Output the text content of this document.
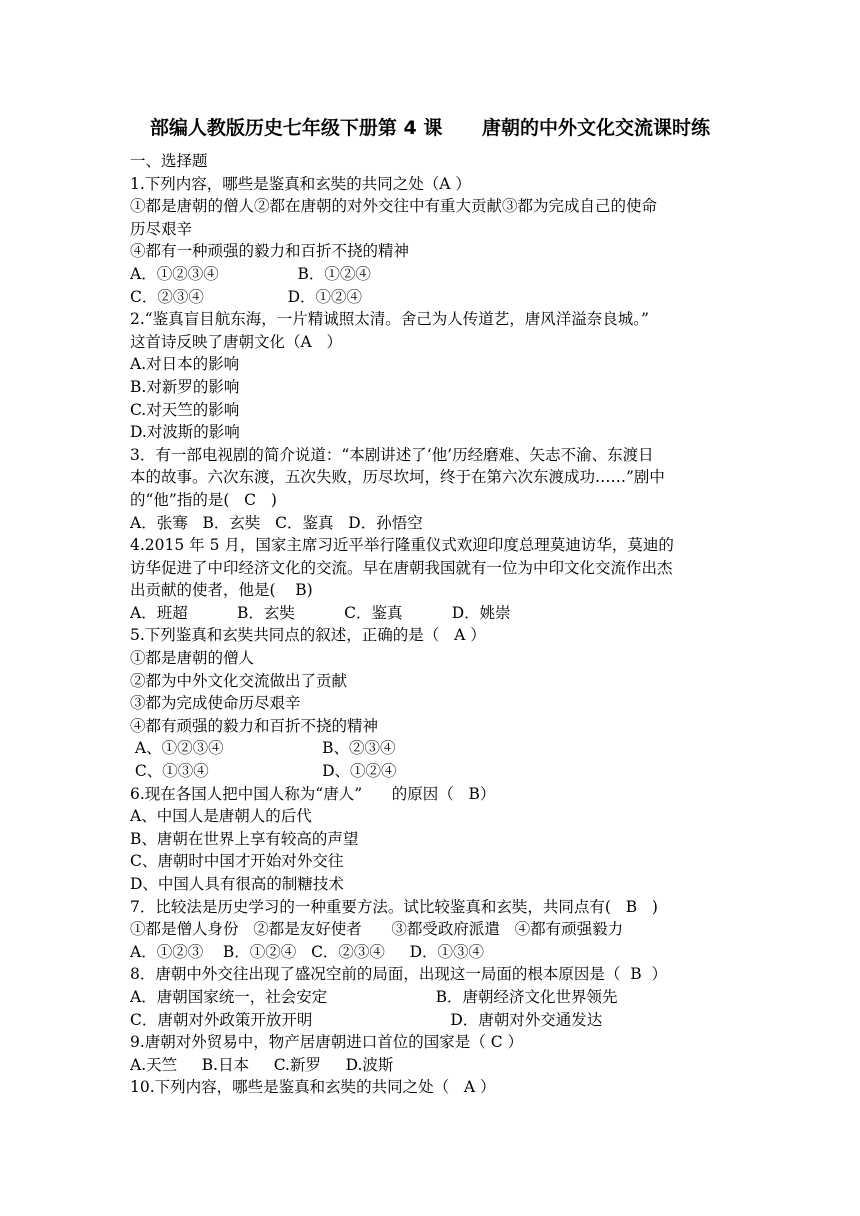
部编人教版历史七年级下册第 4 课      唐朝的中外文化交流课时练
一、选择题
1.下列内容，哪些是鉴真和玄奘的共同之处（A ）
①都是唐朝的僧人②都在唐朝的对外交往中有重大贡献③都为完成自己的使命
历尽艰辛
④都有一种顽强的毅力和百折不挠的精神
A．①②③④                B．①②④
C．②③④                 D．①②④
2.“鉴真盲目航东海，一片精诚照太清。舍己为人传道艺，唐风洋溢奈良城。”
这首诗反映了唐朝文化（A   ）
A.对日本的影响
B.对新罗的影响
C.对天竺的影响
D.对波斯的影响
3．有一部电视剧的简介说道：“本剧讲述了‘他’历经磨难、矢志不渝、东渡日
本的故事。六次东渡，五次失败，历尽坎坷，终于在第六次东渡成功……”剧中
的“他”指的是(   C   )
A．张骞   B．玄奘   C．鉴真   D．孙悟空
4.2015 年 5 月，国家主席习近平举行隆重仪式欢迎印度总理莫迪访华，莫迪的
访华促进了中印经济文化的交流。早在唐朝我国就有一位为中印文化交流作出杰
出贡献的使者，他是(    B)
A．班超          B．玄奘          C．鉴真          D．姚崇
5.下列鉴真和玄奘共同点的叙述，正确的是（   A ）
①都是唐朝的僧人
②都为中外文化交流做出了贡献
③都为完成使命历尽艰辛
④都有顽强的毅力和百折不挠的精神
A、①②③④                    B、②③④
C、①③④                       D、①②④
6.现在各国人把中国人称为“唐人”      的原因（   B）
A、中国人是唐朝人的后代
B、唐朝在世界上享有较高的声望
C、唐朝时中国才开始对外交往
D、中国人具有很高的制糖技术
7．比较法是历史学习的一种重要方法。试比较鉴真和玄奘，共同点有(   B   )
①都是僧人身份   ②都是友好使者      ③都受政府派遣   ④都有顽强毅力
A．①②③    B．①②④   C．②③④     D．①③④
8．唐朝中外交往出现了盛况空前的局面，出现这一局面的根本原因是（  B  ）
A．唐朝国家统一，社会安定                      B．唐朝经济文化世界领先
C．唐朝对外政策开放开明                            D．唐朝对外交通发达
9.唐朝对外贸易中，物产居唐朝进口首位的国家是（ C ）
A.天竺     B.日本     C.新罗     D.波斯
10.下列内容，哪些是鉴真和玄奘的共同之处（   A ）
